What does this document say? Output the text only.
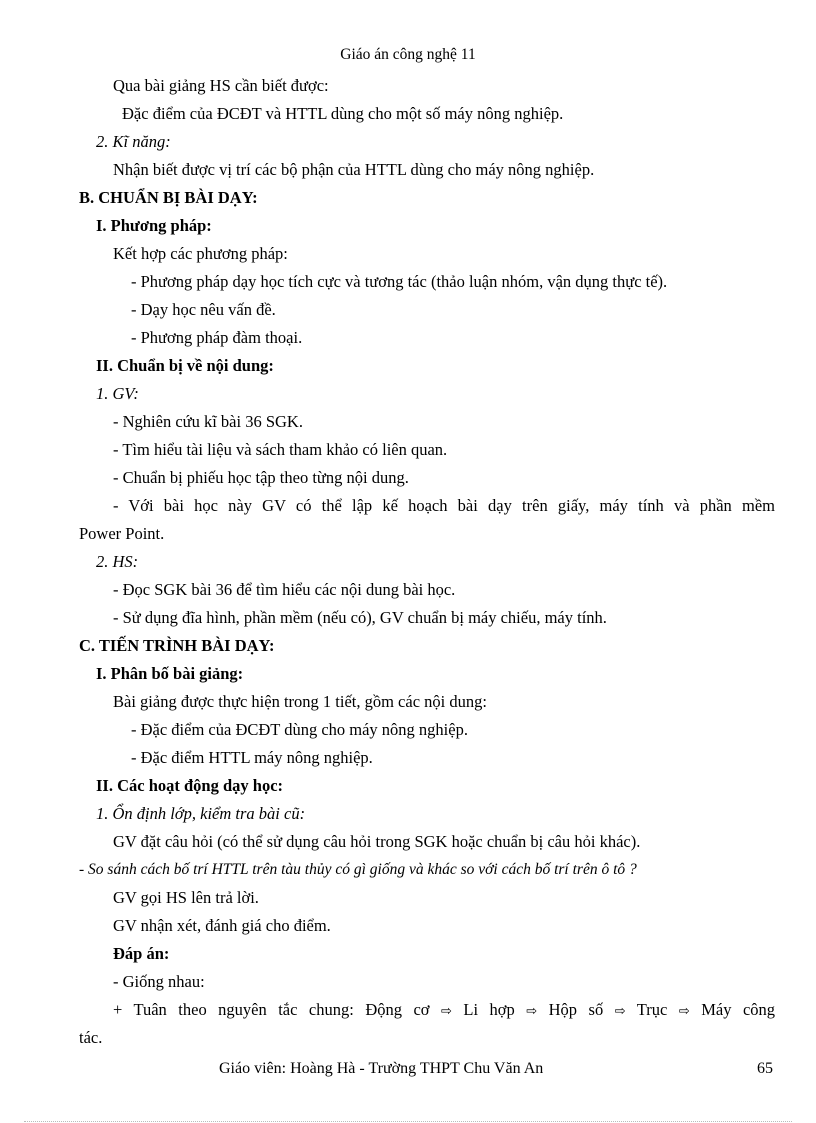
Giáo án công nghệ 11
Qua bài giảng HS cần biết được:
Đặc điểm của ĐCĐT và HTTL dùng cho một số máy nông nghiệp.
2. Kĩ năng:
Nhận biết được vị trí các bộ phận của HTTL dùng cho máy nông nghiệp.
B. CHUẨN BỊ BÀI DẠY:
I. Phương pháp:
Kết hợp các phương pháp:
- Phương pháp dạy học tích cực và tương tác (thảo luận nhóm, vận dụng thực tế).
- Dạy học nêu vấn đề.
- Phương pháp đàm thoại.
II. Chuẩn bị về nội dung:
1. GV:
- Nghiên cứu kĩ bài 36 SGK.
- Tìm hiểu tài liệu và sách tham khảo có liên quan.
- Chuẩn bị phiếu học tập theo từng nội dung.
- Với bài học này GV có thể lập kế hoạch bài dạy trên giấy, máy tính và phần mềm
Power Point.
2. HS:
- Đọc SGK bài 36 để tìm hiểu các nội dung bài học.
- Sử dụng đĩa hình, phần mềm (nếu có), GV chuẩn bị máy chiếu, máy tính.
C. TIẾN TRÌNH BÀI DẠY:
I. Phân bố bài giảng:
Bài giảng được thực hiện trong 1 tiết, gồm các nội dung:
- Đặc điểm của ĐCĐT dùng cho máy nông nghiệp.
- Đặc điểm HTTL máy nông nghiệp.
II. Các hoạt động dạy học:
1. Ổn định lớp, kiểm tra bài cũ:
GV đặt câu hỏi (có thể sử dụng câu hỏi trong SGK hoặc chuẩn bị câu hỏi khác).
- So sánh cách bố trí HTTL trên tàu thủy có gì giống và khác so với cách bố trí trên ô tô ?
GV gọi HS lên trả lời.
GV nhận xét, đánh giá cho điểm.
Đáp án:
- Giống nhau:
+ Tuân theo nguyên tắc chung: Động cơ ⇨ Li hợp ⇨ Hộp số ⇨ Trục ⇨ Máy công
tác.
Giáo viên: Hoàng Hà - Trường THPT Chu Văn An	65
